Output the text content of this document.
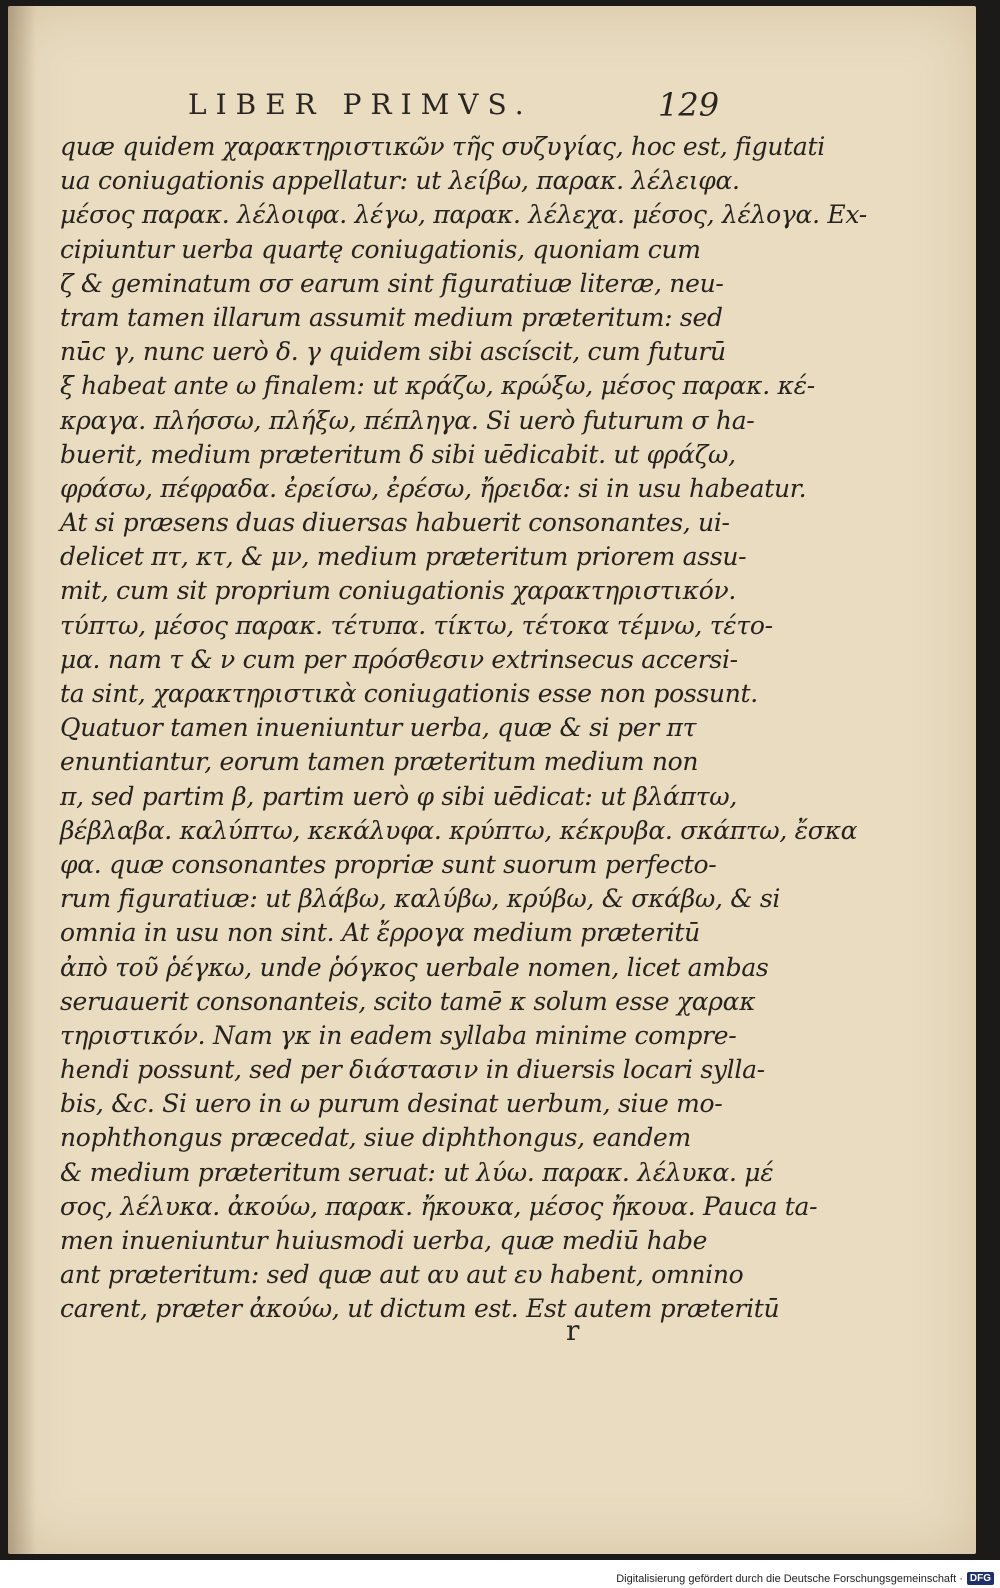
LIBER PRIMVS.	129
quæ quidem χαρακτηριστικῶν τῆς συζυγίας, hoc est, figutati
ua coniugationis appellatur: ut λείβω, παρακ. λέλειφα.
μέσος παρακ. λέλοιφα. λέγω, παρακ. λέλεχα. μέσος, λέλογα. Ex-
cipiuntur uerba quartę coniugationis, quoniam cum
ζ & geminatum σσ earum sint figuratiuæ literæ, neu-
tram tamen illarum assumit medium præteritum: sed
nūc γ, nunc uerò δ. γ quidem sibi ascíscit, cum futurū
ξ habeat ante ω finalem: ut κράζω, κρώξω, μέσος παρακ. κέ-
κραγα. πλήσσω, πλήξω, πέπληγα. Si uerò futurum σ ha-
buerit, medium præteritum δ sibi uēdicabit. ut φράζω,
φράσω, πέφραδα. ἐρείσω, ἐρέσω, ἤρειδα: si in usu habeatur.
At si præsens duas diuersas habuerit consonantes, ui-
delicet πτ, κτ, & μν, medium præteritum priorem assu-
mit, cum sit proprium coniugationis χαρακτηριστικόν.
τύπτω, μέσος παρακ. τέτυπα. τίκτω, τέτοκα τέμνω, τέτο-
μα. nam τ & ν cum per πρόσθεσιν extrinsecus accersi-
ta sint, χαρακτηριστικὰ coniugationis esse non possunt.
Quatuor tamen inueniuntur uerba, quæ & si per πτ
enuntiantur, eorum tamen præteritum medium non
π, sed partim β, partim uerò φ sibi uēdicat: ut βλάπτω,
βέβλαβα. καλύπτω, κεκάλυφα. κρύπτω, κέκρυβα. σκάπτω, ἔσκα
φα. quæ consonantes propriæ sunt suorum perfecto-
rum figuratiuæ: ut βλάβω, καλύβω, κρύβω, & σκάβω, & si
omnia in usu non sint. At ἔρρογα medium præteritū
ἀπὸ τοῦ ῥέγκω, unde ῥόγκος uerbale nomen, licet ambas
seruauerit consonanteis, scito tamē κ solum esse χαρακ
τηριστικόν. Nam γκ in eadem syllaba minime compre-
hendi possunt, sed per διάστασιν in diuersis locari sylla-
bis, &c. Si uero in ω purum desinat uerbum, siue mo-
nophthongus præcedat, siue diphthongus, eandem
& medium præteritum seruat: ut λύω. παρακ. λέλυκα. μέ
σος, λέλυκα. ἀκούω, παρακ. ἤκουκα, μέσος ἤκουα. Pauca ta-
men inueniuntur huiusmodi uerba, quæ mediū habe
ant præteritum: sed quæ aut αυ aut ευ habent, omnino
carent, præter ἀκούω, ut dictum est. Est autem præteritū
r
Digitalisierung gefördert durch die Deutsche Forschungsgemeinschaft · DFG
